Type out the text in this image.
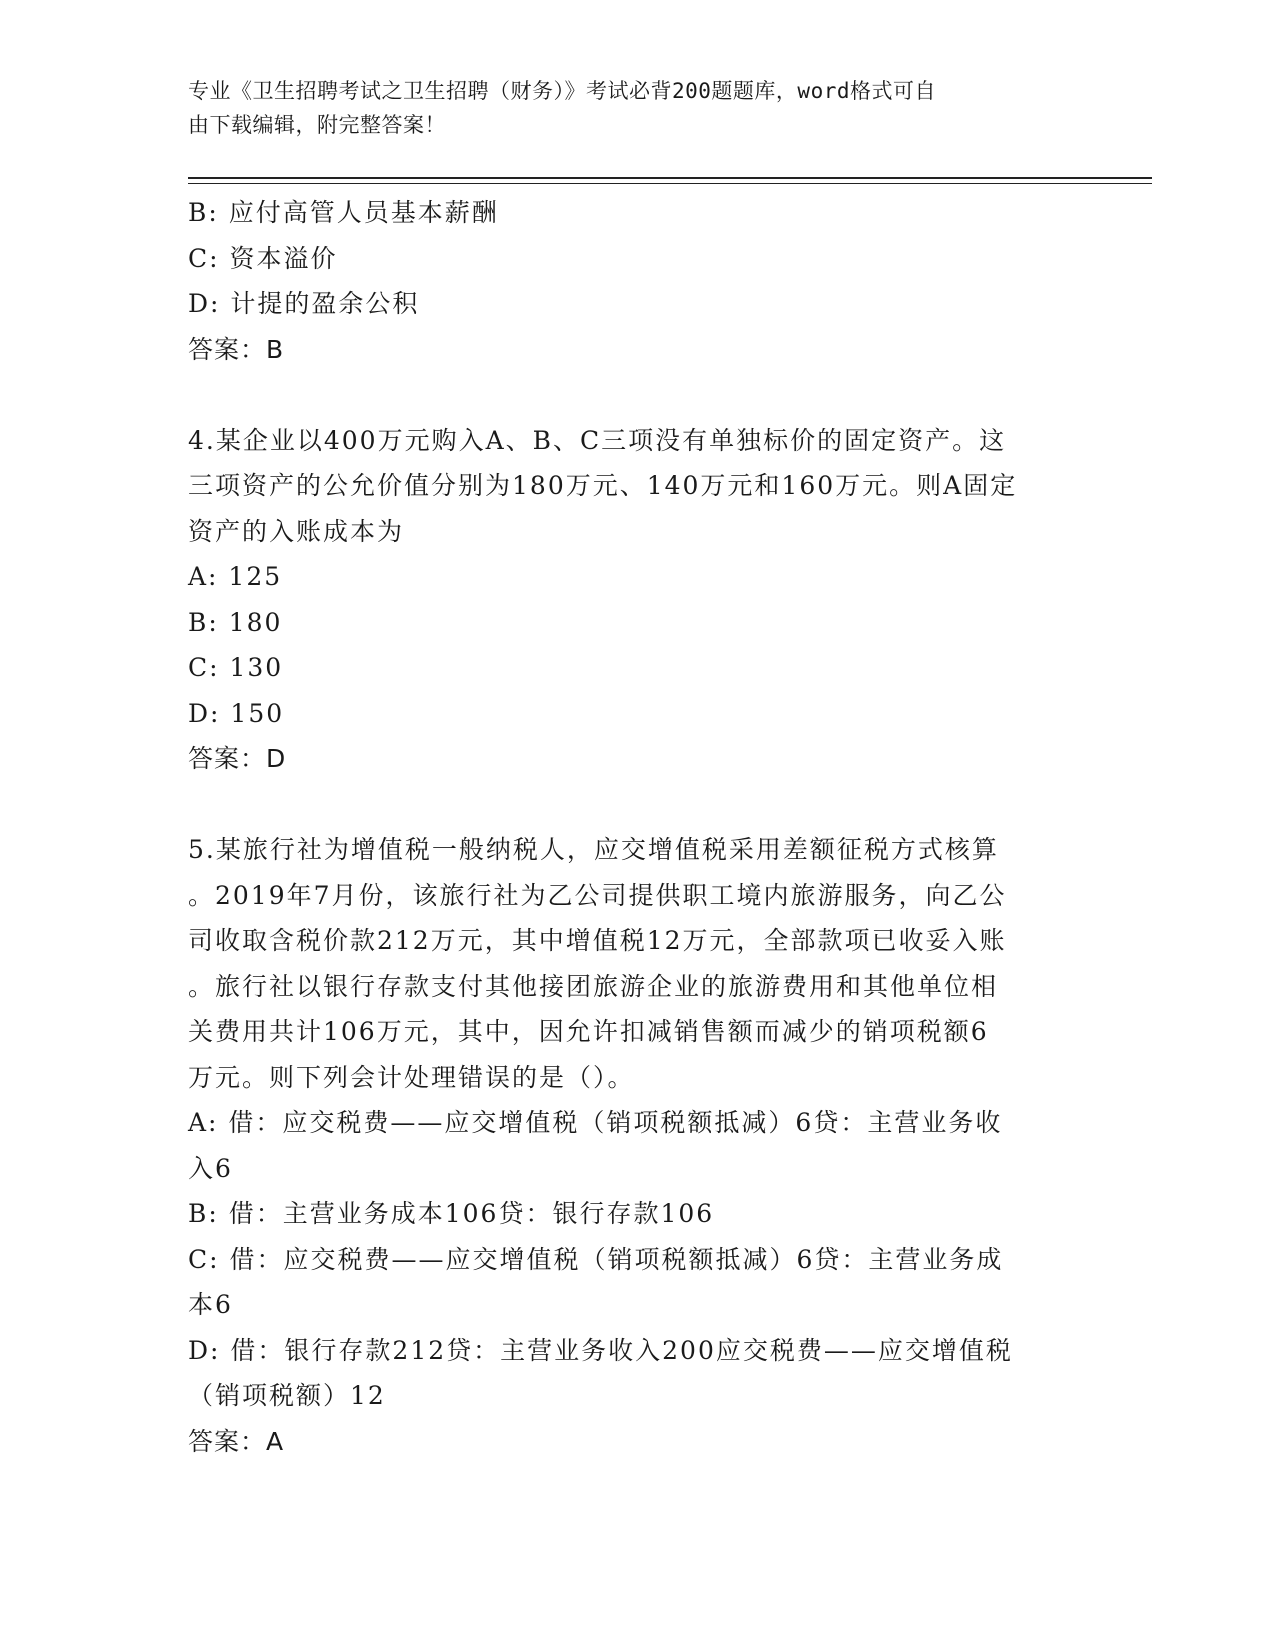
专业《卫生招聘考试之卫生招聘（财务）》考试必背200题题库，word格式可自

由下载编辑，附完整答案！

B: 应付高管人员基本薪酬

C: 资本溢价

D: 计提的盈余公积

答案：B

4.某企业以400万元购入A、B、C三项没有单独标价的固定资产。这

三项资产的公允价值分别为180万元、140万元和160万元。则A固定

资产的入账成本为

A: 125

B: 180

C: 130

D: 150

答案：D

5.某旅行社为增值税一般纳税人，应交增值税采用差额征税方式核算

。2019年7月份，该旅行社为乙公司提供职工境内旅游服务，向乙公

司收取含税价款212万元，其中增值税12万元，全部款项已收妥入账

。旅行社以银行存款支付其他接团旅游企业的旅游费用和其他单位相

关费用共计106万元，其中，因允许扣减销售额而减少的销项税额6

万元。则下列会计处理错误的是（）。

A: 借：应交税费——应交增值税（销项税额抵减）6贷：主营业务收

入6

B: 借：主营业务成本106贷：银行存款106

C: 借：应交税费——应交增值税（销项税额抵减）6贷：主营业务成

本6

D: 借：银行存款212贷：主营业务收入200应交税费——应交增值税

（销项税额）12

答案：A
